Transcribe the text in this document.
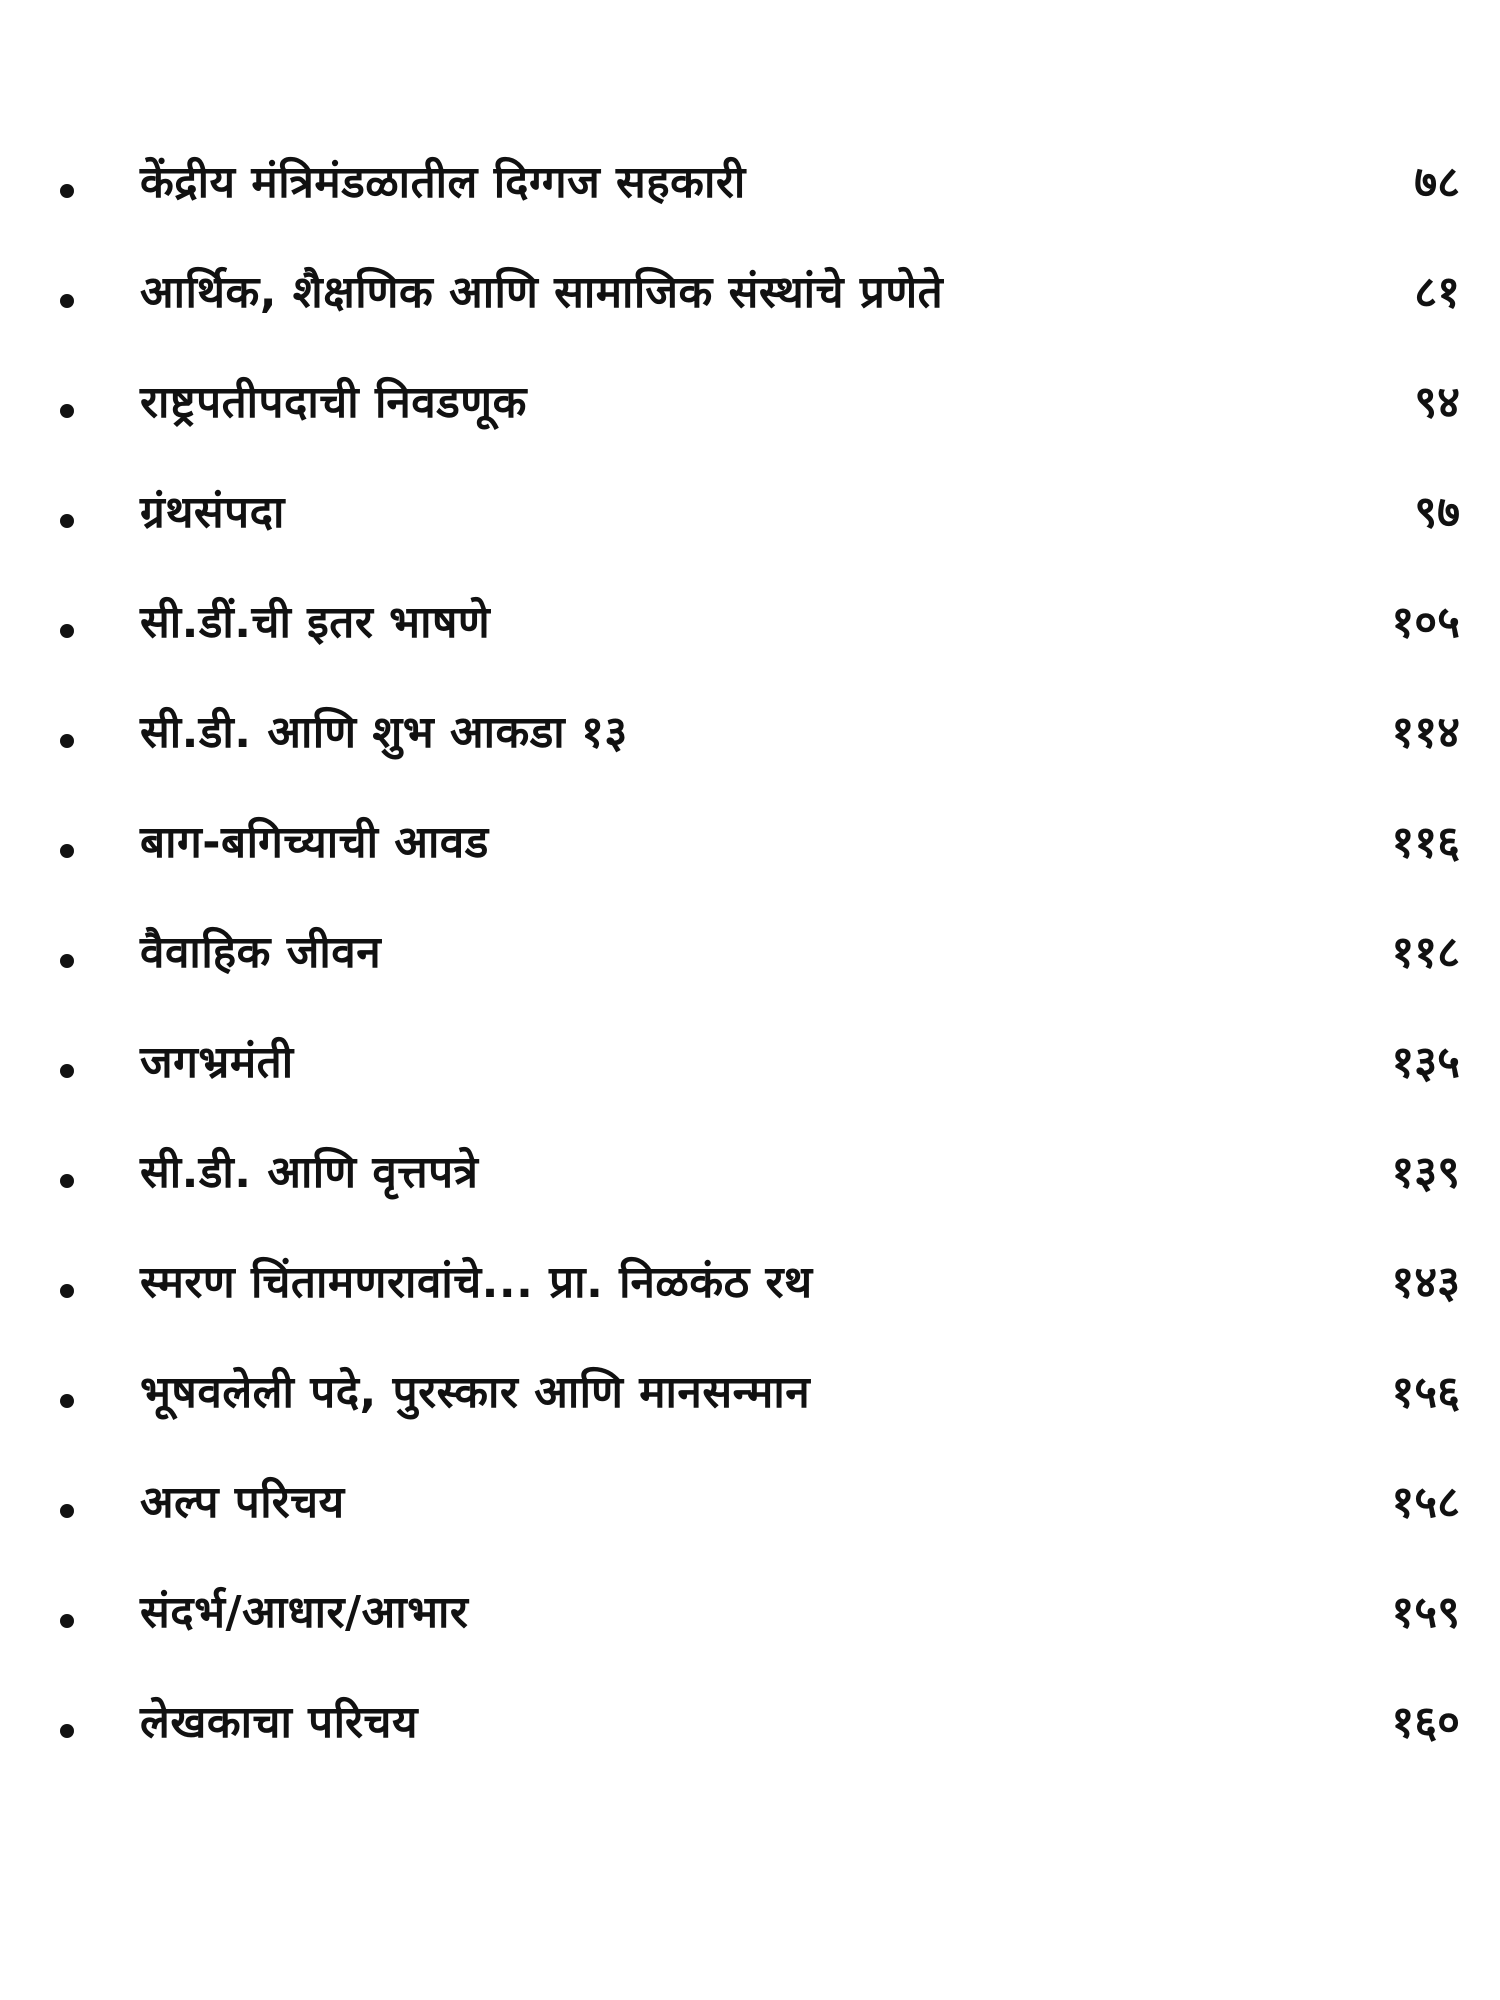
केंद्रीय मंत्रिमंडळातील दिग्गज सहकारी	७८
आर्थिक, शैक्षणिक आणि सामाजिक संस्थांचे प्रणेते	८१
राष्ट्रपतीपदाची निवडणूक	९४
ग्रंथसंपदा	९७
सी.डीं.ची इतर भाषणे	१०५
सी.डी. आणि शुभ आकडा १३	११४
बाग-बगिच्याची आवड	११६
वैवाहिक जीवन	११८
जगभ्रमंती	१३५
सी.डी. आणि वृत्तपत्रे	१३९
स्मरण चिंतामणरावांचे... प्रा. निळकंठ रथ	१४३
भूषवलेली पदे, पुरस्कार आणि मानसन्मान	१५६
अल्प परिचय	१५८
संदर्भ/आधार/आभार	१५९
लेखकाचा परिचय	१६०
